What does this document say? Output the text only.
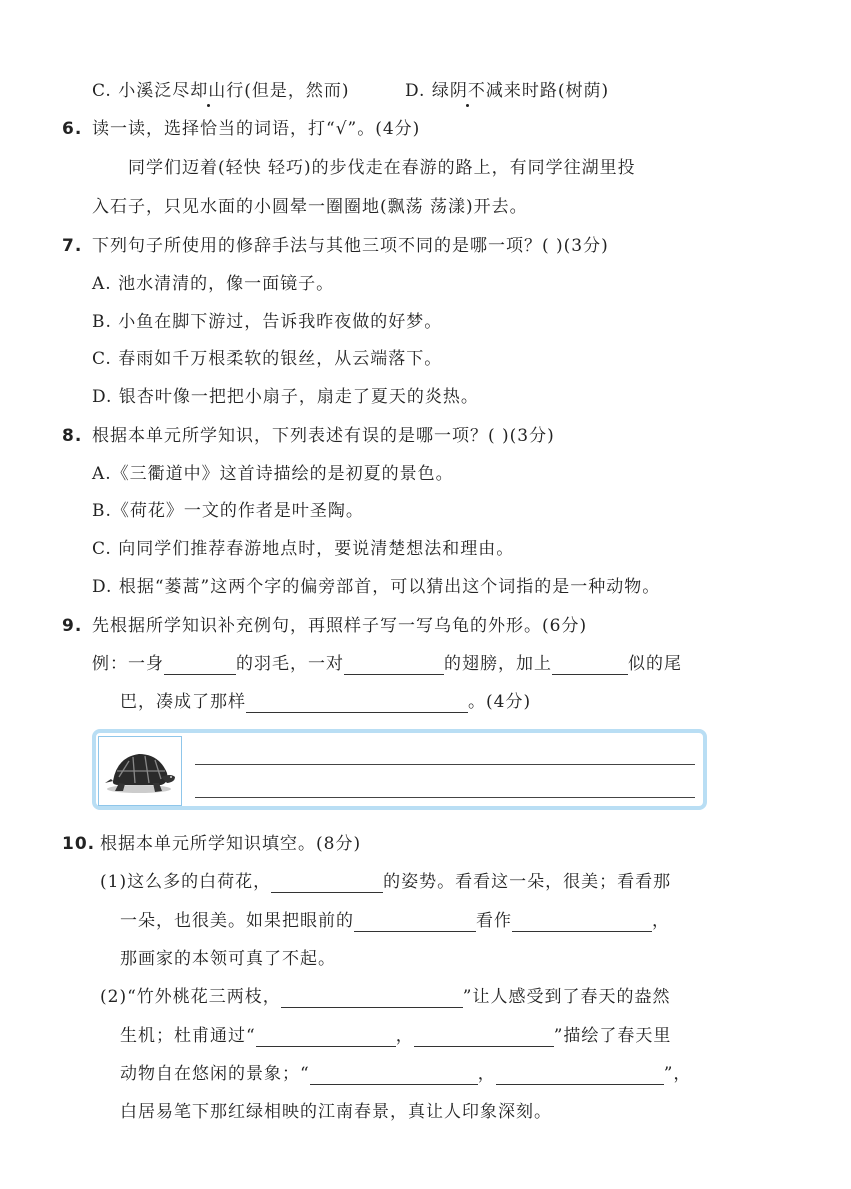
C. 小溪泛尽却山行(但是，然而)	D. 绿阴不减来时路(树荫)
6. 读一读，选择恰当的词语，打“√”。(4分)
同学们迈着(轻快 轻巧)的步伐走在春游的路上，有同学往湖里投
入石子，只见水面的小圆晕一圈圈地(飘荡 荡漾)开去。
7. 下列句子所使用的修辞手法与其他三项不同的是哪一项？( )(3分)
A. 池水清清的，像一面镜子。
B. 小鱼在脚下游过，告诉我昨夜做的好梦。
C. 春雨如千万根柔软的银丝，从云端落下。
D. 银杏叶像一把把小扇子，扇走了夏天的炎热。
8. 根据本单元所学知识，下列表述有误的是哪一项？( )(3分)
A.《三衢道中》这首诗描绘的是初夏的景色。
B.《荷花》一文的作者是叶圣陶。
C. 向同学们推荐春游地点时，要说清楚想法和理由。
D. 根据“蒌蒿”这两个字的偏旁部首，可以猜出这个词指的是一种动物。
9. 先根据所学知识补充例句，再照样子写一写乌龟的外形。(6分)
例：一身	的羽毛，一对	的翅膀，加上	似的尾
巴，凑成了那样	。(4分)
10. 根据本单元所学知识填空。(8分)
(1)这么多的白荷花，	的姿势。看看这一朵，很美；看看那
一朵，也很美。如果把眼前的	看作	，
那画家的本领可真了不起。
(2)“竹外桃花三两枝，	”让人感受到了春天的盎然
生机；杜甫通过“	，	”描绘了春天里
动物自在悠闲的景象；“	，	”，
白居易笔下那红绿相映的江南春景，真让人印象深刻。
